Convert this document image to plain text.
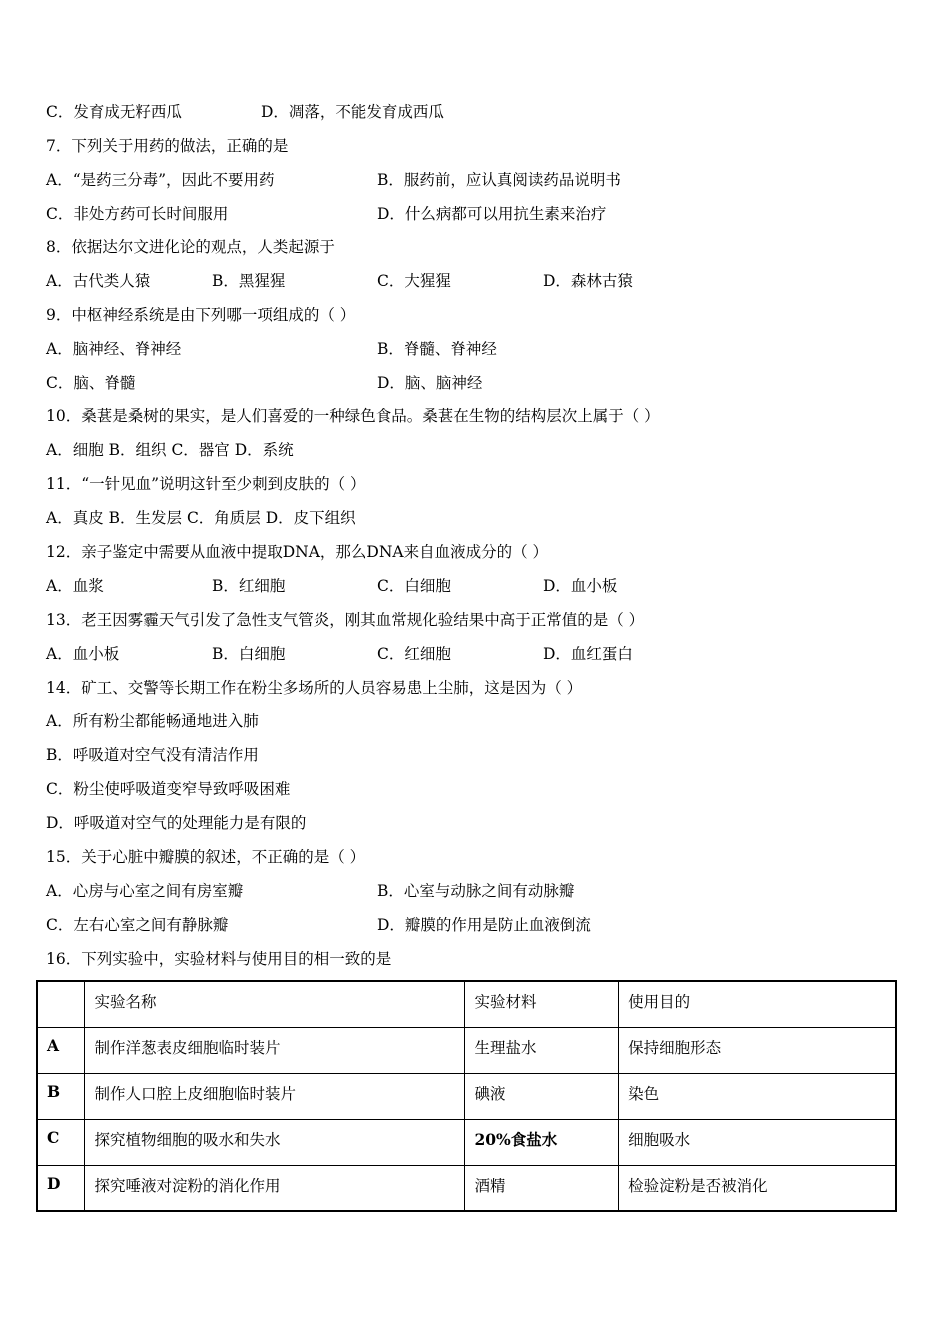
C．发育成无籽西瓜	D．凋落，不能发育成西瓜
7．下列关于用药的做法，正确的是
A．“是药三分毒”，因此不要用药	B．服药前，应认真阅读药品说明书
C．非处方药可长时间服用	D．什么病都可以用抗生素来治疗
8．依据达尔文进化论的观点，人类起源于
A．古代类人猿	B．黑猩猩	C．大猩猩	D．森林古猿
9．中枢神经系统是由下列哪一项组成的（ ）
A．脑神经、脊神经	B．脊髓、脊神经
C．脑、脊髓	D．脑、脑神经
10．桑葚是桑树的果实，是人们喜爱的一种绿色食品。桑葚在生物的结构层次上属于（ ）
A．细胞 B．组织 C．器官 D．系统
11．“一针见血”说明这针至少刺到皮肤的（ ）
A．真皮 B．生发层 C．角质层 D．皮下组织
12．亲子鉴定中需要从血液中提取DNA，那么DNA来自血液成分的（ ）
A．血浆	B．红细胞	C．白细胞	D．血小板
13．老王因雾霾天气引发了急性支气管炎，刚其血常规化验结果中高于正常值的是（ ）
A．血小板	B．白细胞	C．红细胞	D．血红蛋白
14．矿工、交警等长期工作在粉尘多场所的人员容易患上尘肺，这是因为（ ）
A．所有粉尘都能畅通地进入肺
B．呼吸道对空气没有清洁作用
C．粉尘使呼吸道变窄导致呼吸困难
D．呼吸道对空气的处理能力是有限的
15．关于心脏中瓣膜的叙述，不正确的是（ ）
A．心房与心室之间有房室瓣	B．心室与动脉之间有动脉瓣
C．左右心室之间有静脉瓣	D．瓣膜的作用是防止血液倒流
16．下列实验中，实验材料与使用目的相一致的是
	实验名称	实验材料	使用目的
A	制作洋葱表皮细胞临时装片	生理盐水	保持细胞形态
B	制作人口腔上皮细胞临时装片	碘液	染色
C	探究植物细胞的吸水和失水	20%食盐水	细胞吸水
D	探究唾液对淀粉的消化作用	酒精	检验淀粉是否被消化
